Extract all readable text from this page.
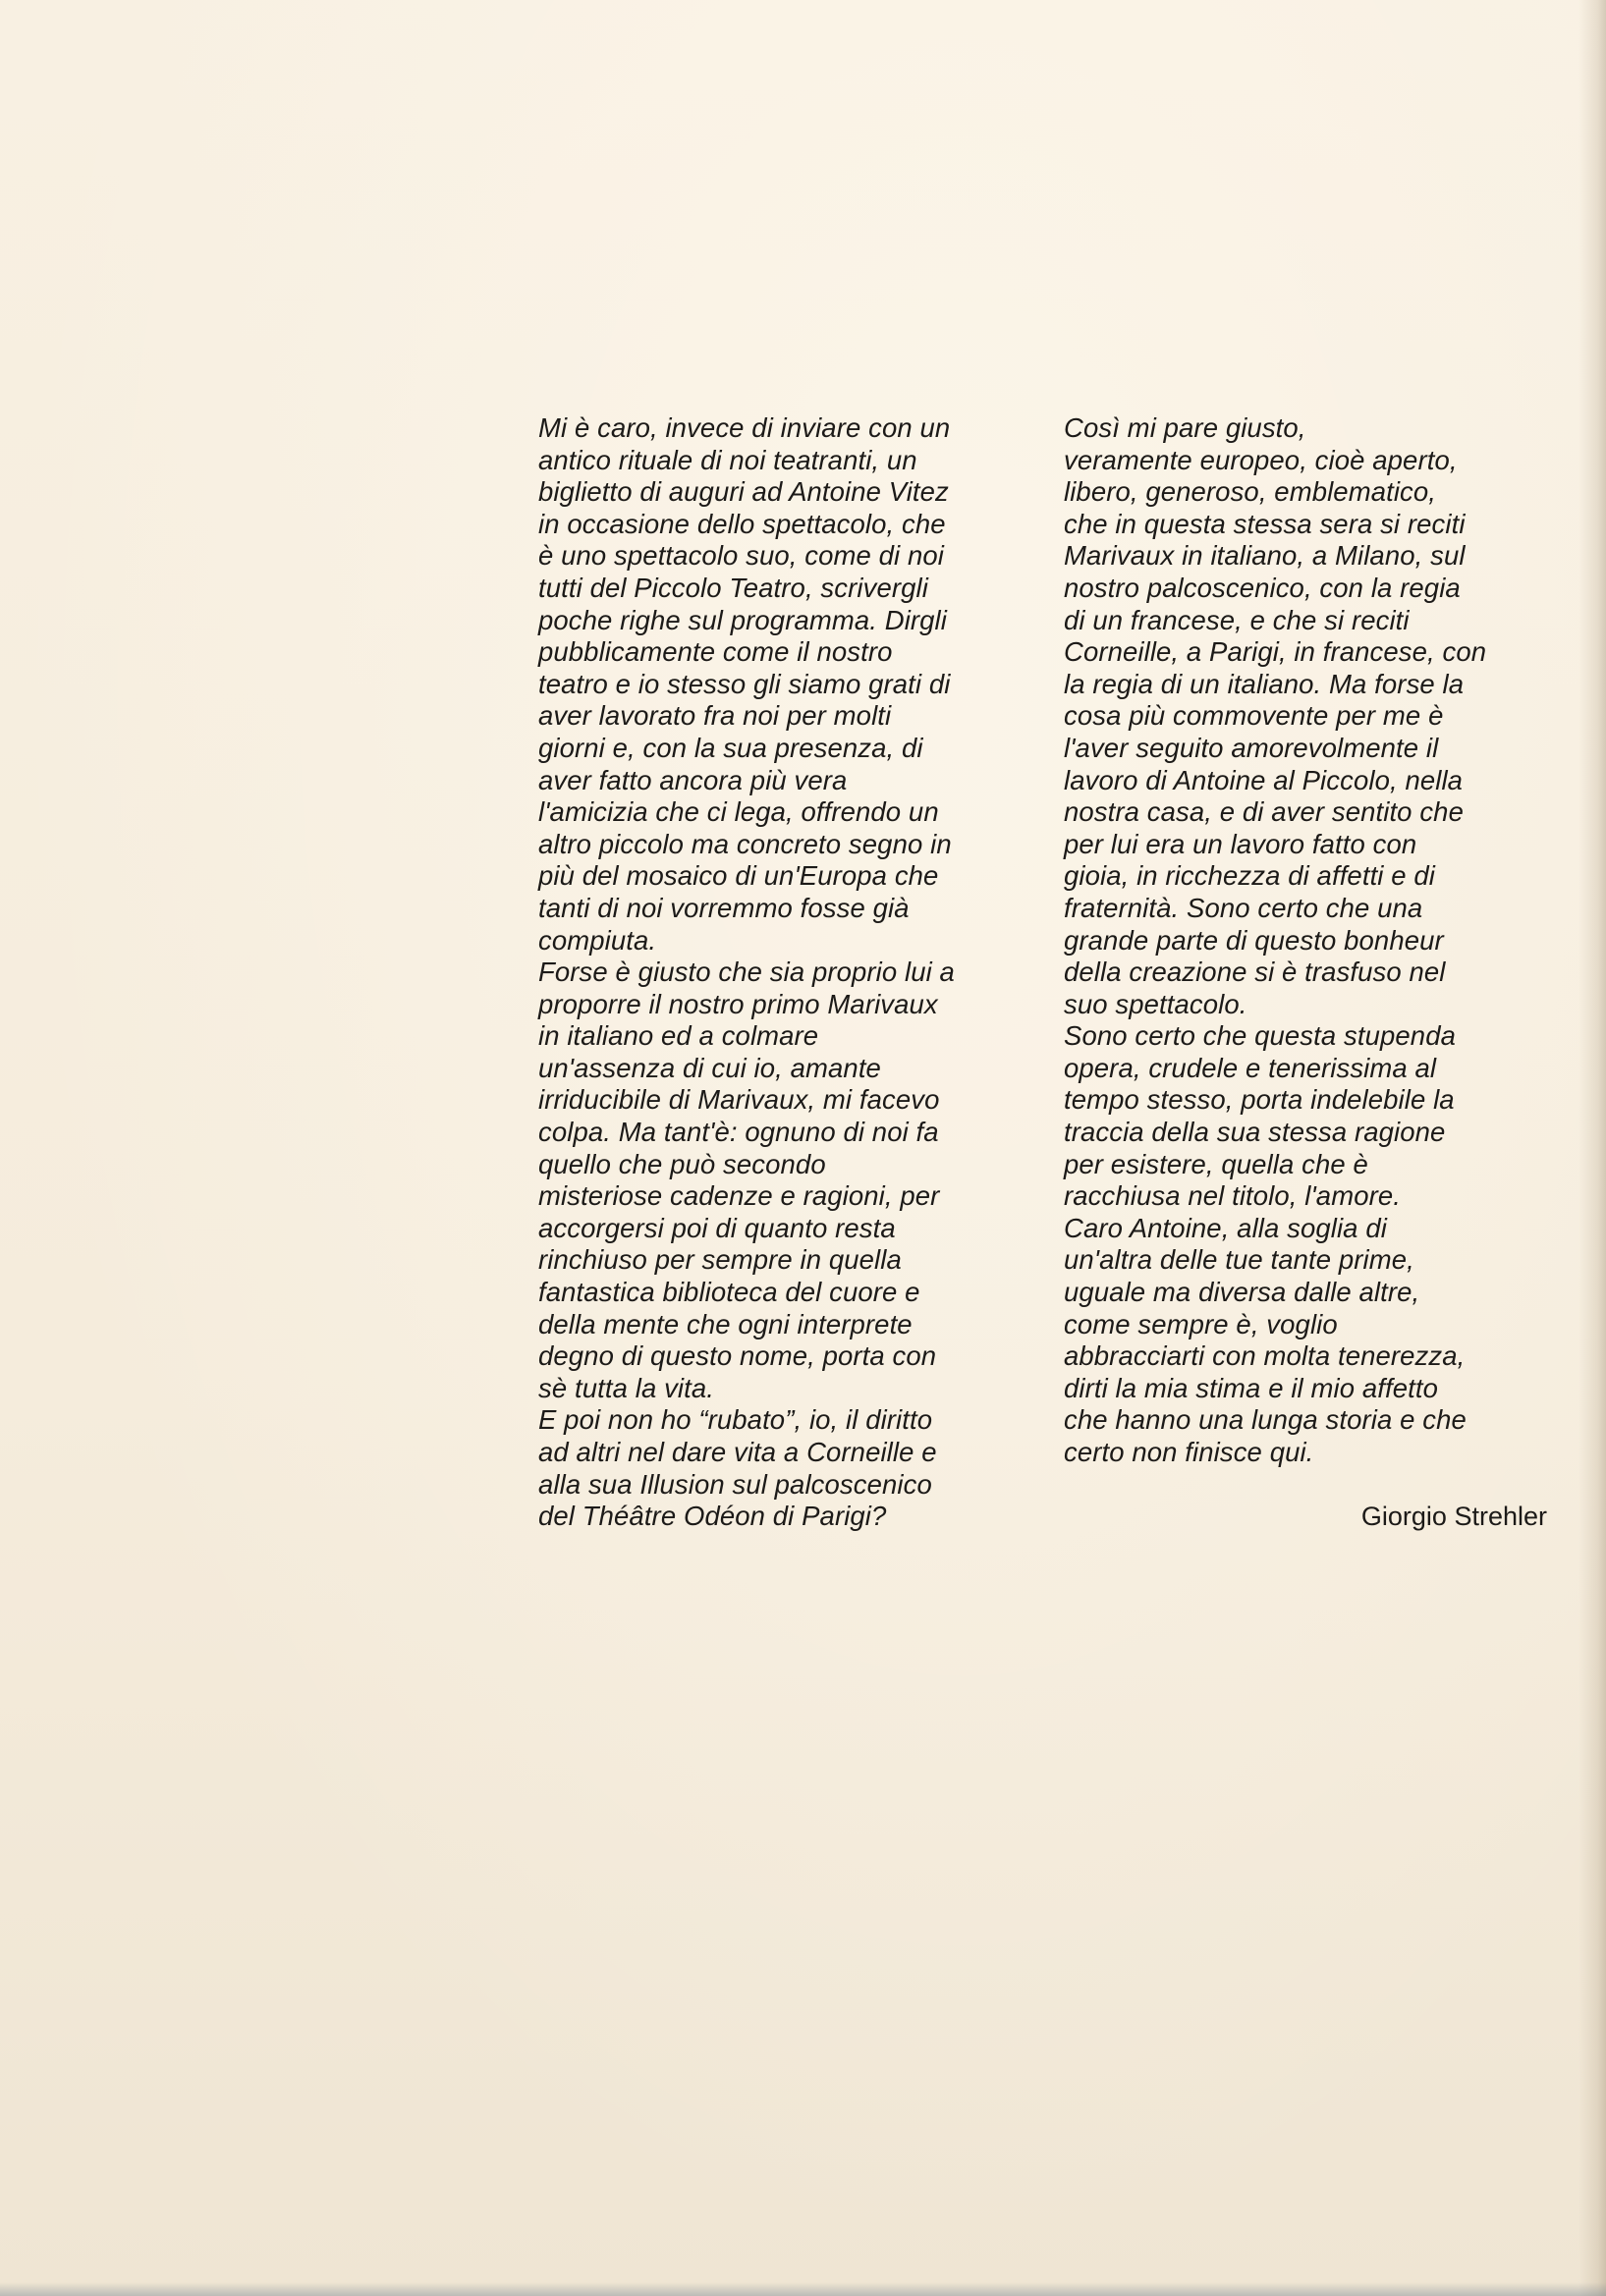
Mi è caro, invece di inviare con un
antico rituale di noi teatranti, un
biglietto di auguri ad Antoine Vitez
in occasione dello spettacolo, che
è uno spettacolo suo, come di noi
tutti del Piccolo Teatro, scrivergli
poche righe sul programma. Dirgli
pubblicamente come il nostro
teatro e io stesso gli siamo grati di
aver lavorato fra noi per molti
giorni e, con la sua presenza, di
aver fatto ancora più vera
l'amicizia che ci lega, offrendo un
altro piccolo ma concreto segno in
più del mosaico di un'Europa che
tanti di noi vorremmo fosse già
compiuta.
Forse è giusto che sia proprio lui a
proporre il nostro primo Marivaux
in italiano ed a colmare
un'assenza di cui io, amante
irriducibile di Marivaux, mi facevo
colpa. Ma tant'è: ognuno di noi fa
quello che può secondo
misteriose cadenze e ragioni, per
accorgersi poi di quanto resta
rinchiuso per sempre in quella
fantastica biblioteca del cuore e
della mente che ogni interprete
degno di questo nome, porta con
sè tutta la vita.
E poi non ho “rubato”, io, il diritto
ad altri nel dare vita a Corneille e
alla sua Illusion sul palcoscenico
del Théâtre Odéon di Parigi?

Così mi pare giusto,
veramente europeo, cioè aperto,
libero, generoso, emblematico,
che in questa stessa sera si reciti
Marivaux in italiano, a Milano, sul
nostro palcoscenico, con la regia
di un francese, e che si reciti
Corneille, a Parigi, in francese, con
la regia di un italiano. Ma forse la
cosa più commovente per me è
l'aver seguito amorevolmente il
lavoro di Antoine al Piccolo, nella
nostra casa, e di aver sentito che
per lui era un lavoro fatto con
gioia, in ricchezza di affetti e di
fraternità. Sono certo che una
grande parte di questo bonheur
della creazione si è trasfuso nel
suo spettacolo.
Sono certo che questa stupenda
opera, crudele e tenerissima al
tempo stesso, porta indelebile la
traccia della sua stessa ragione
per esistere, quella che è
racchiusa nel titolo, l'amore.
Caro Antoine, alla soglia di
un'altra delle tue tante prime,
uguale ma diversa dalle altre,
come sempre è, voglio
abbracciarti con molta tenerezza,
dirti la mia stima e il mio affetto
che hanno una lunga storia e che
certo non finisce qui.

Giorgio Strehler
